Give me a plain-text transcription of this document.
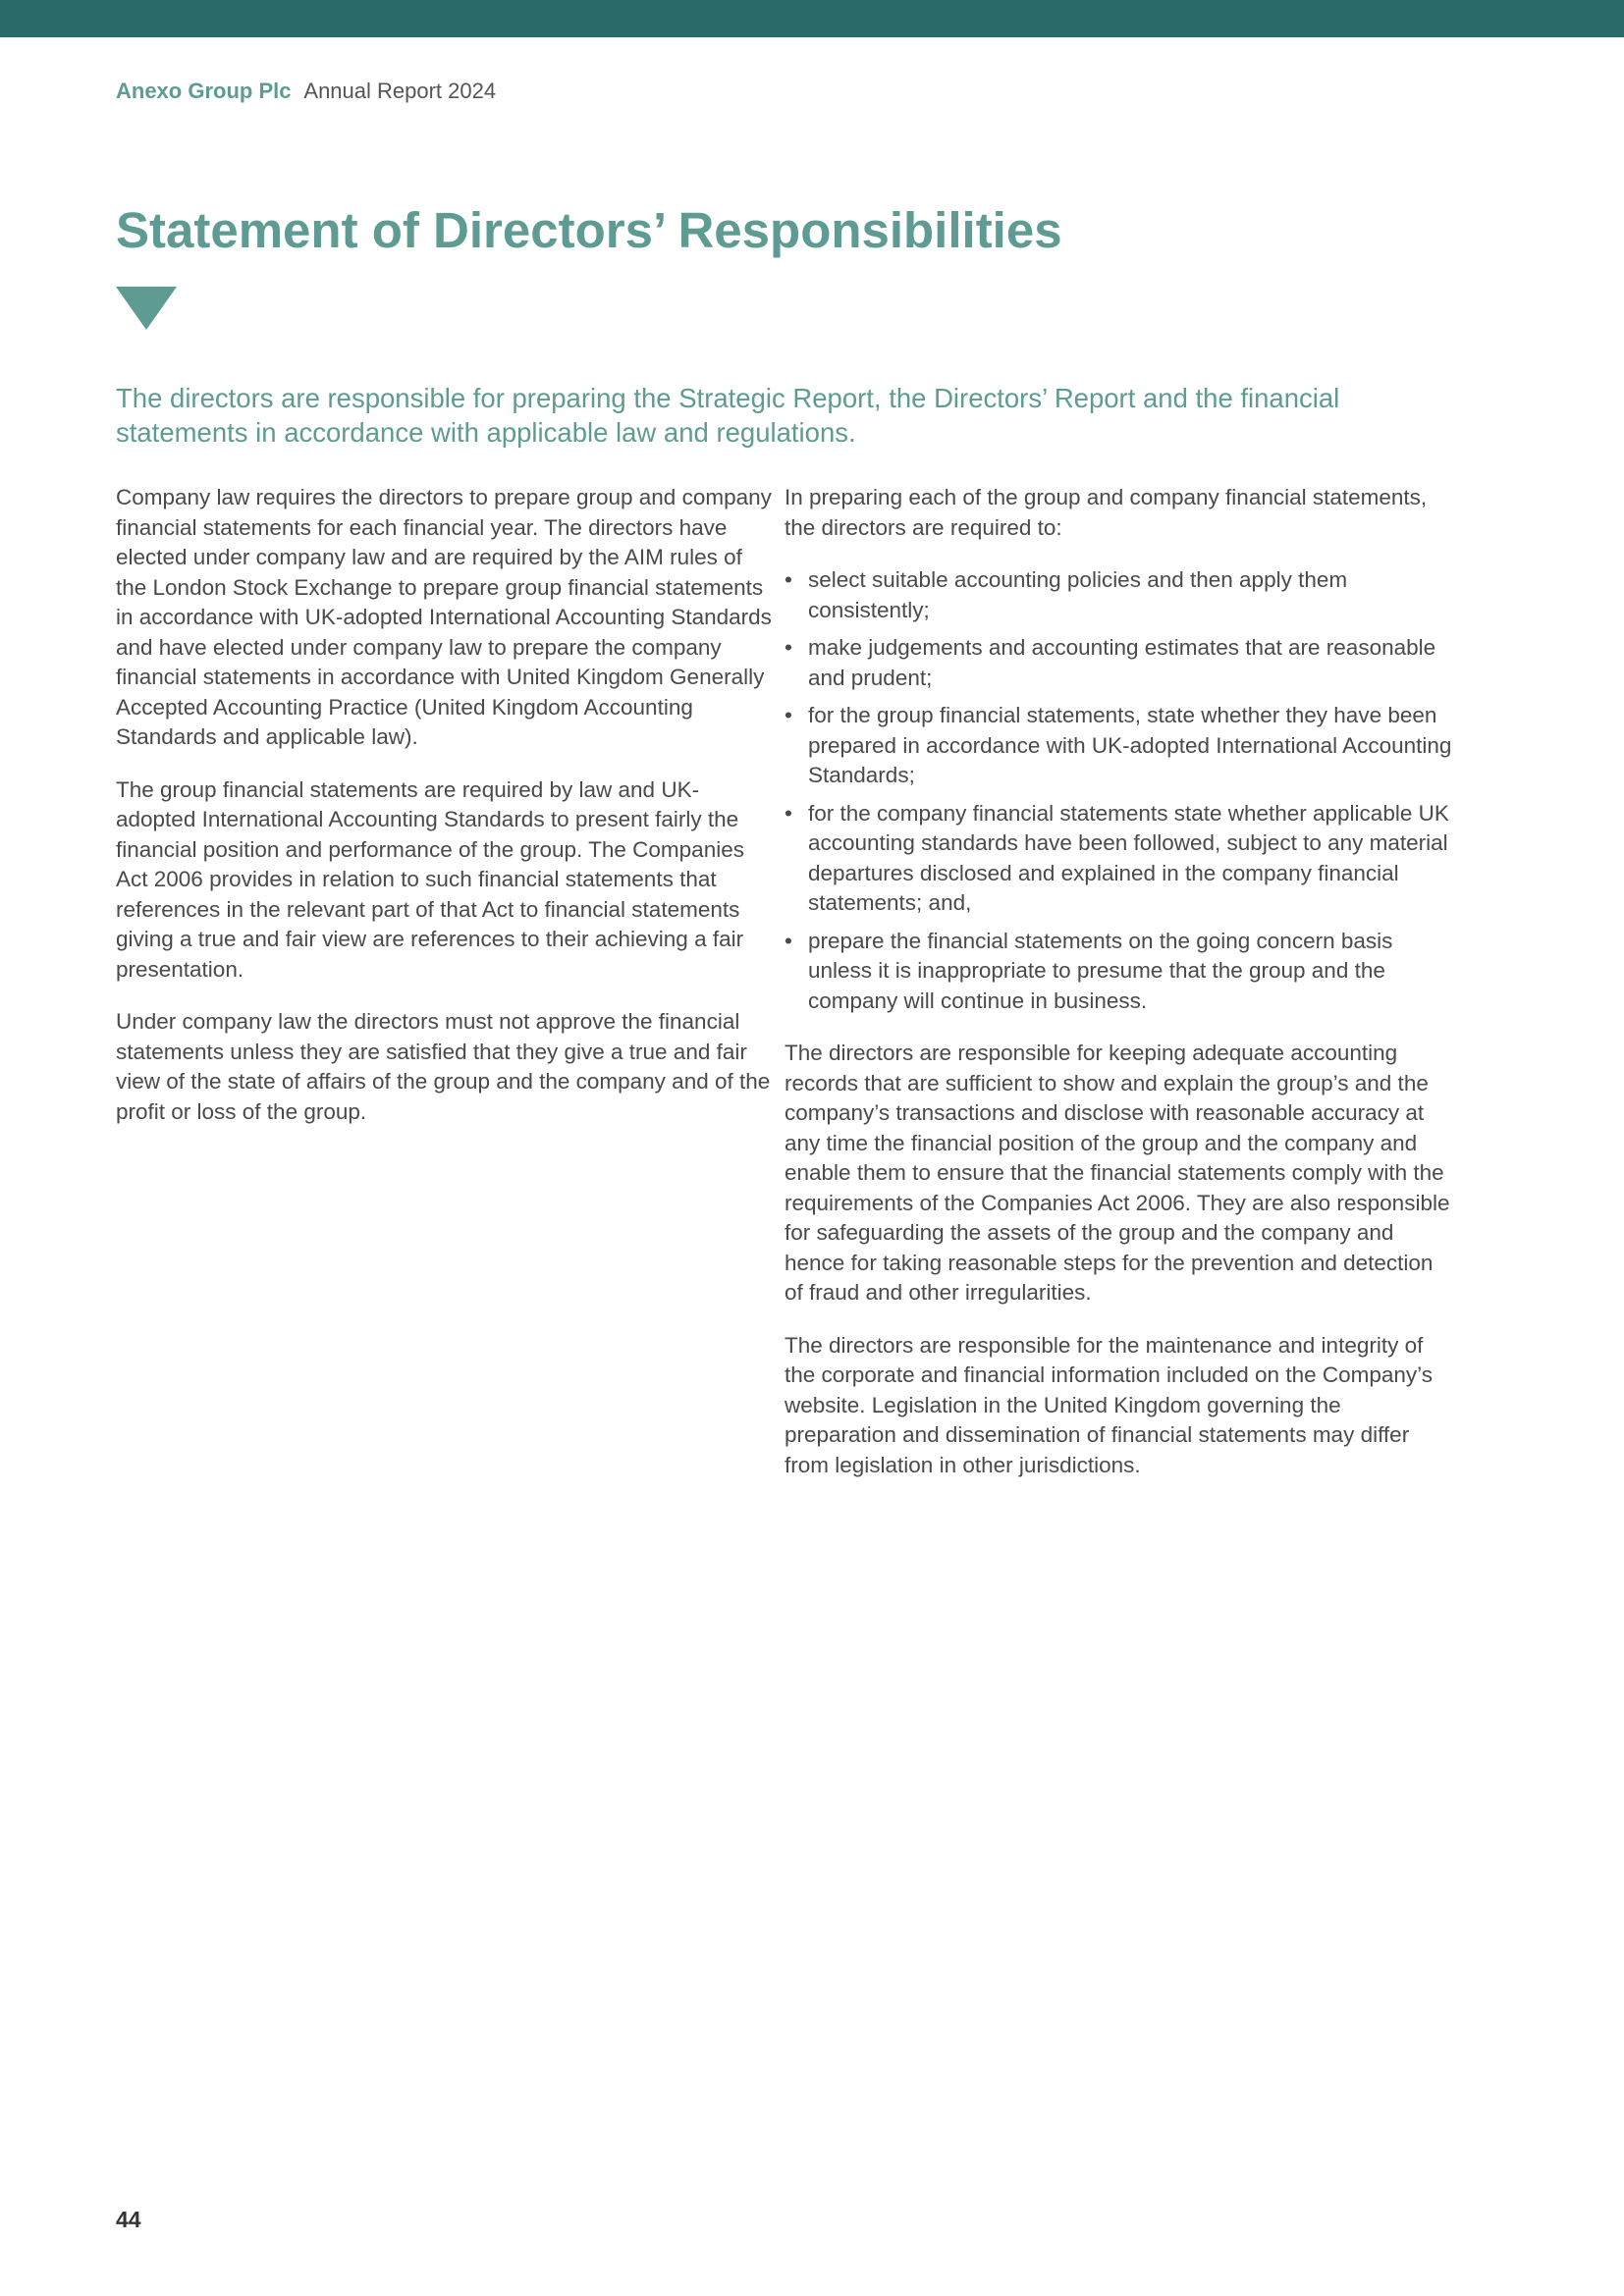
Anexo Group Plc Annual Report 2024
Statement of Directors’ Responsibilities

The directors are responsible for preparing the Strategic Report, the Directors’ Report and the financial statements in accordance with applicable law and regulations.

Company law requires the directors to prepare group and company financial statements for each financial year. The directors have elected under company law and are required by the AIM rules of the London Stock Exchange to prepare group financial statements in accordance with UK-adopted International Accounting Standards and have elected under company law to prepare the company financial statements in accordance with United Kingdom Generally Accepted Accounting Practice (United Kingdom Accounting Standards and applicable law).

The group financial statements are required by law and UK-adopted International Accounting Standards to present fairly the financial position and performance of the group. The Companies Act 2006 provides in relation to such financial statements that references in the relevant part of that Act to financial statements giving a true and fair view are references to their achieving a fair presentation.

Under company law the directors must not approve the financial statements unless they are satisfied that they give a true and fair view of the state of affairs of the group and the company and of the profit or loss of the group.

In preparing each of the group and company financial statements, the directors are required to:

• select suitable accounting policies and then apply them consistently;
• make judgements and accounting estimates that are reasonable and prudent;
• for the group financial statements, state whether they have been prepared in accordance with UK-adopted International Accounting Standards;
• for the company financial statements state whether applicable UK accounting standards have been followed, subject to any material departures disclosed and explained in the company financial statements; and,
• prepare the financial statements on the going concern basis unless it is inappropriate to presume that the group and the company will continue in business.

The directors are responsible for keeping adequate accounting records that are sufficient to show and explain the group’s and the company’s transactions and disclose with reasonable accuracy at any time the financial position of the group and the company and enable them to ensure that the financial statements comply with the requirements of the Companies Act 2006. They are also responsible for safeguarding the assets of the group and the company and hence for taking reasonable steps for the prevention and detection of fraud and other irregularities.

The directors are responsible for the maintenance and integrity of the corporate and financial information included on the Company’s website. Legislation in the United Kingdom governing the preparation and dissemination of financial statements may differ from legislation in other jurisdictions.

44
